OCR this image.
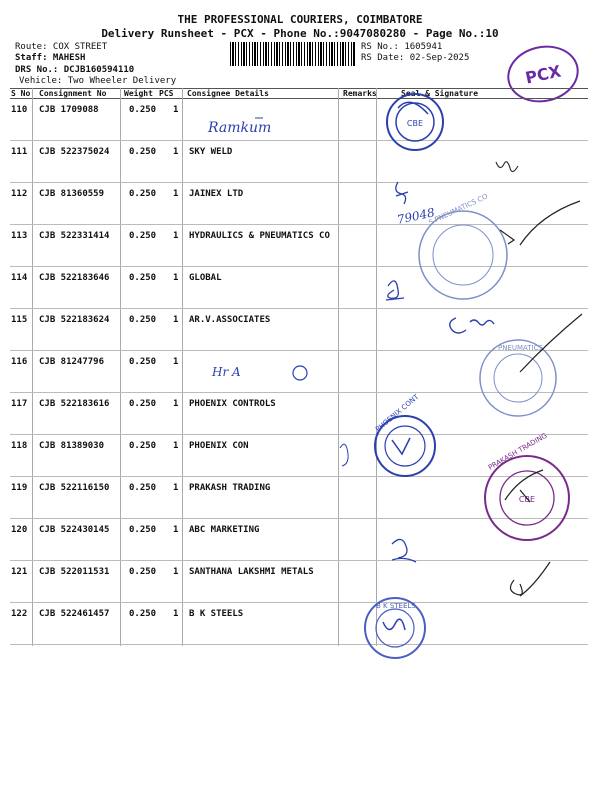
THE PROFESSIONAL COURIERS, COIMBATORE
Delivery Runsheet - PCX - Phone No.:9047080280 - Page No.:10
Route: COX STREET
Staff: MAHESH
DRS No.: DCJB160594110
Vehicle: Two Wheeler Delivery
RS No.: 1605941
RS Date: 02-Sep-2025
PCX
S No Consignment No Weight PCS Consignee Details	Remarks	Seal & Signature
110 CJB 1709088	0.250 1
111 CJB 522375024 0.250 1 SKY WELD
112 CJB 81360559	0.250 1 JAINEX LTD
113 CJB 522331414 0.250 1 HYDRAULICS & PNEUMATICS CO
114 CJB 522183646 0.250 1 GLOBAL
115 CJB 522183624 0.250 1 AR.V.ASSOCIATES
116 CJB 81247796	0.250 1
117 CJB 522183616 0.250 1 PHOENIX CONTROLS
118 CJB 81389030	0.250 1 PHOENIX CON
119 CJB 522116150 0.250 1 PRAKASH TRADING
120 CJB 522430145 0.250 1 ABC MARKETING
121 CJB 522011531 0.250 1 SANTHANA LAKSHMI METALS
122 CJB 522461457 0.250 1 B K STEELS
CBE
Ramkum
79048
S PNEUMATICS CO
Hr A
PNEUMATICS
PHOENIX CONT
CBE
PRAKASH TRADING
B K STEELS
